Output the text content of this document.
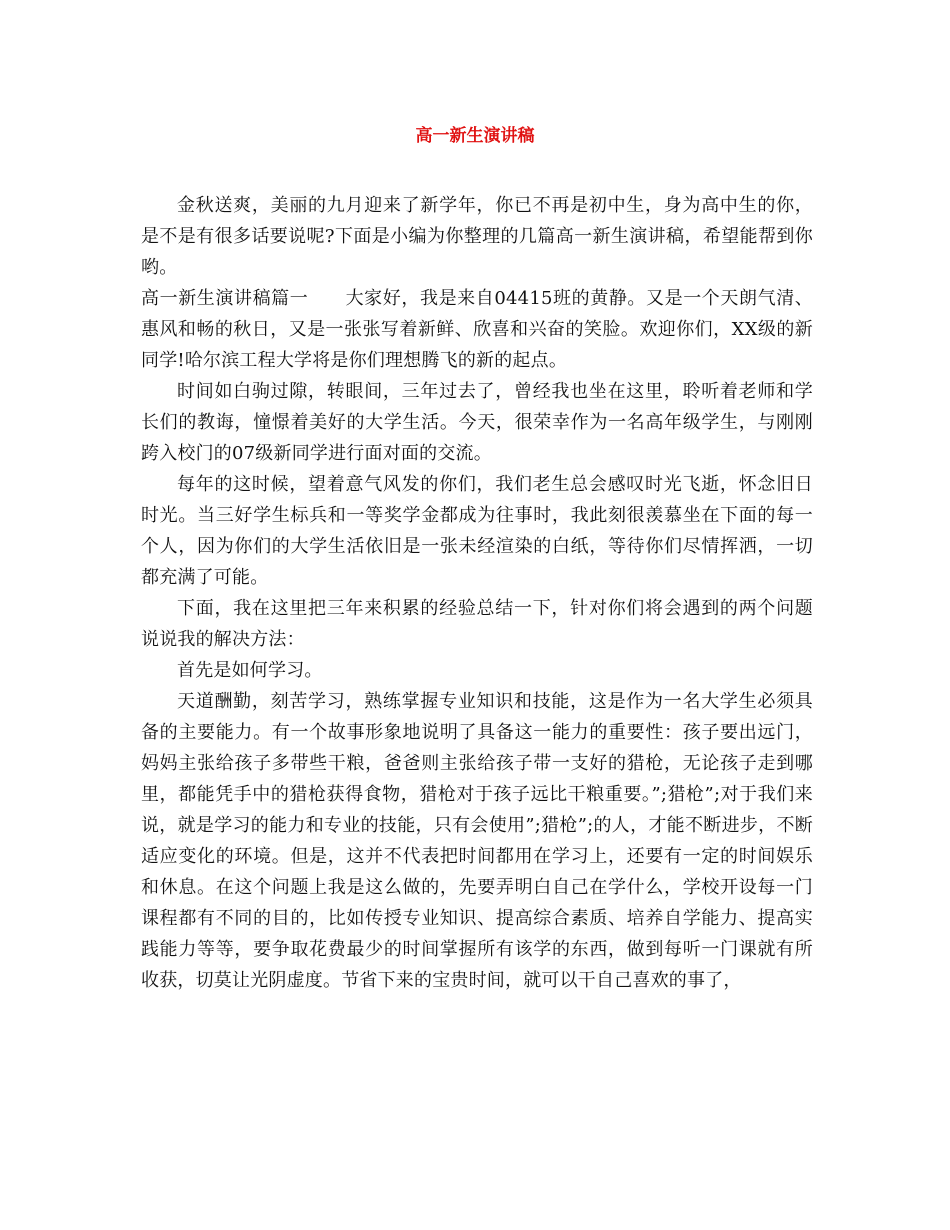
高一新生演讲稿

金秋送爽，美丽的九月迎来了新学年，你已不再是初中生，身为高中生的你，是不是有很多话要说呢?下面是小编为你整理的几篇高一新生演讲稿，希望能帮到你哟。

高一新生演讲稿篇一　　大家好，我是来自04415班的黄静。又是一个天朗气清、惠风和畅的秋日，又是一张张写着新鲜、欣喜和兴奋的笑脸。欢迎你们，XX级的新同学!哈尔滨工程大学将是你们理想腾飞的新的起点。

时间如白驹过隙，转眼间，三年过去了，曾经我也坐在这里，聆听着老师和学长们的教诲，憧憬着美好的大学生活。今天，很荣幸作为一名高年级学生，与刚刚跨入校门的07级新同学进行面对面的交流。

每年的这时候，望着意气风发的你们，我们老生总会感叹时光飞逝，怀念旧日时光。当三好学生标兵和一等奖学金都成为往事时，我此刻很羡慕坐在下面的每一个人，因为你们的大学生活依旧是一张未经渲染的白纸，等待你们尽情挥洒，一切都充满了可能。

下面，我在这里把三年来积累的经验总结一下，针对你们将会遇到的两个问题说说我的解决方法：

首先是如何学习。

天道酬勤，刻苦学习，熟练掌握专业知识和技能，这是作为一名大学生必须具备的主要能力。有一个故事形象地说明了具备这一能力的重要性：孩子要出远门，妈妈主张给孩子多带些干粮，爸爸则主张给孩子带一支好的猎枪，无论孩子走到哪里，都能凭手中的猎枪获得食物，猎枪对于孩子远比干粮重要。”;猎枪”;对于我们来说，就是学习的能力和专业的技能，只有会使用”;猎枪”;的人，才能不断进步，不断适应变化的环境。但是，这并不代表把时间都用在学习上，还要有一定的时间娱乐和休息。在这个问题上我是这么做的，先要弄明白自己在学什么，学校开设每一门课程都有不同的目的，比如传授专业知识、提高综合素质、培养自学能力、提高实践能力等等，要争取花费最少的时间掌握所有该学的东西，做到每听一门课就有所收获，切莫让光阴虚度。节省下来的宝贵时间，就可以干自己喜欢的事了，
